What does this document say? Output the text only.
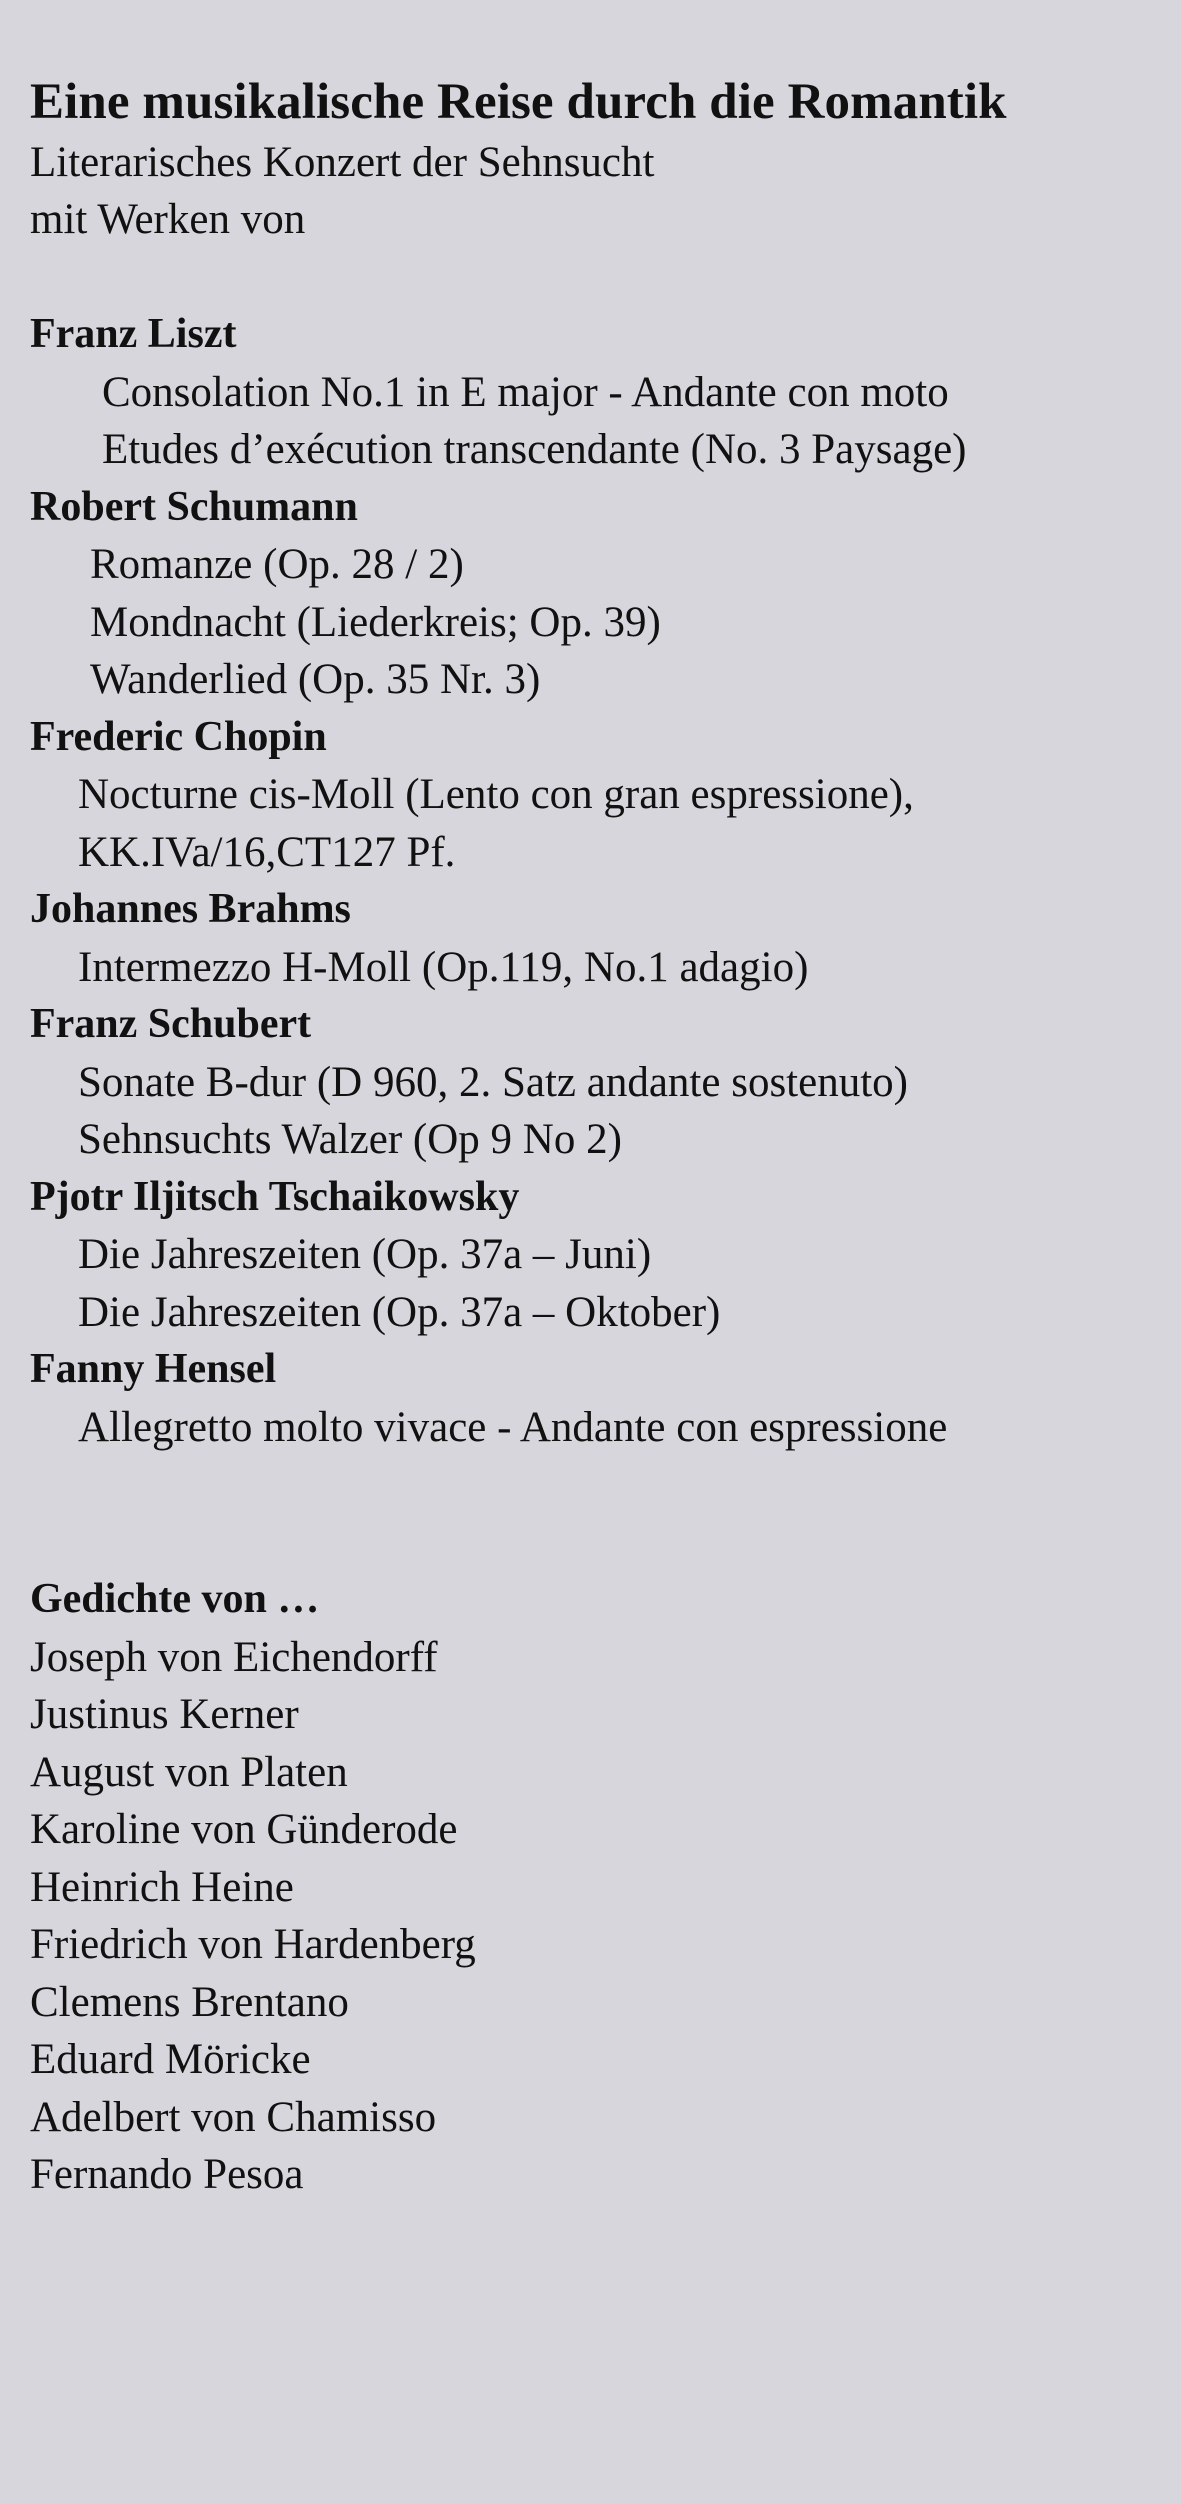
Eine musikalische Reise durch die Romantik

Literarisches Konzert der Sehnsucht

mit Werken von

Franz Liszt

Consolation No.1 in E major - Andante con moto

Etudes d’exécution transcendante (No. 3 Paysage)

Robert Schumann

Romanze (Op. 28 / 2)

Mondnacht (Liederkreis; Op. 39)

Wanderlied (Op. 35 Nr. 3)

Frederic Chopin

Nocturne cis-Moll (Lento con gran espressione),

KK.IVa/16,CT127 Pf.

Johannes Brahms

Intermezzo H-Moll (Op.119, No.1 adagio)

Franz Schubert

Sonate B-dur (D 960, 2. Satz andante sostenuto)

Sehnsuchts Walzer (Op 9 No 2)

Pjotr Iljitsch Tschaikowsky

Die Jahreszeiten (Op. 37a – Juni)

Die Jahreszeiten (Op. 37a – Oktober)

Fanny Hensel

Allegretto molto vivace - Andante con espressione

Gedichte von …

Joseph von Eichendorff

Justinus Kerner

August von Platen

Karoline von Günderode

Heinrich Heine

Friedrich von Hardenberg

Clemens Brentano

Eduard Möricke

Adelbert von Chamisso

Fernando Pesoa
